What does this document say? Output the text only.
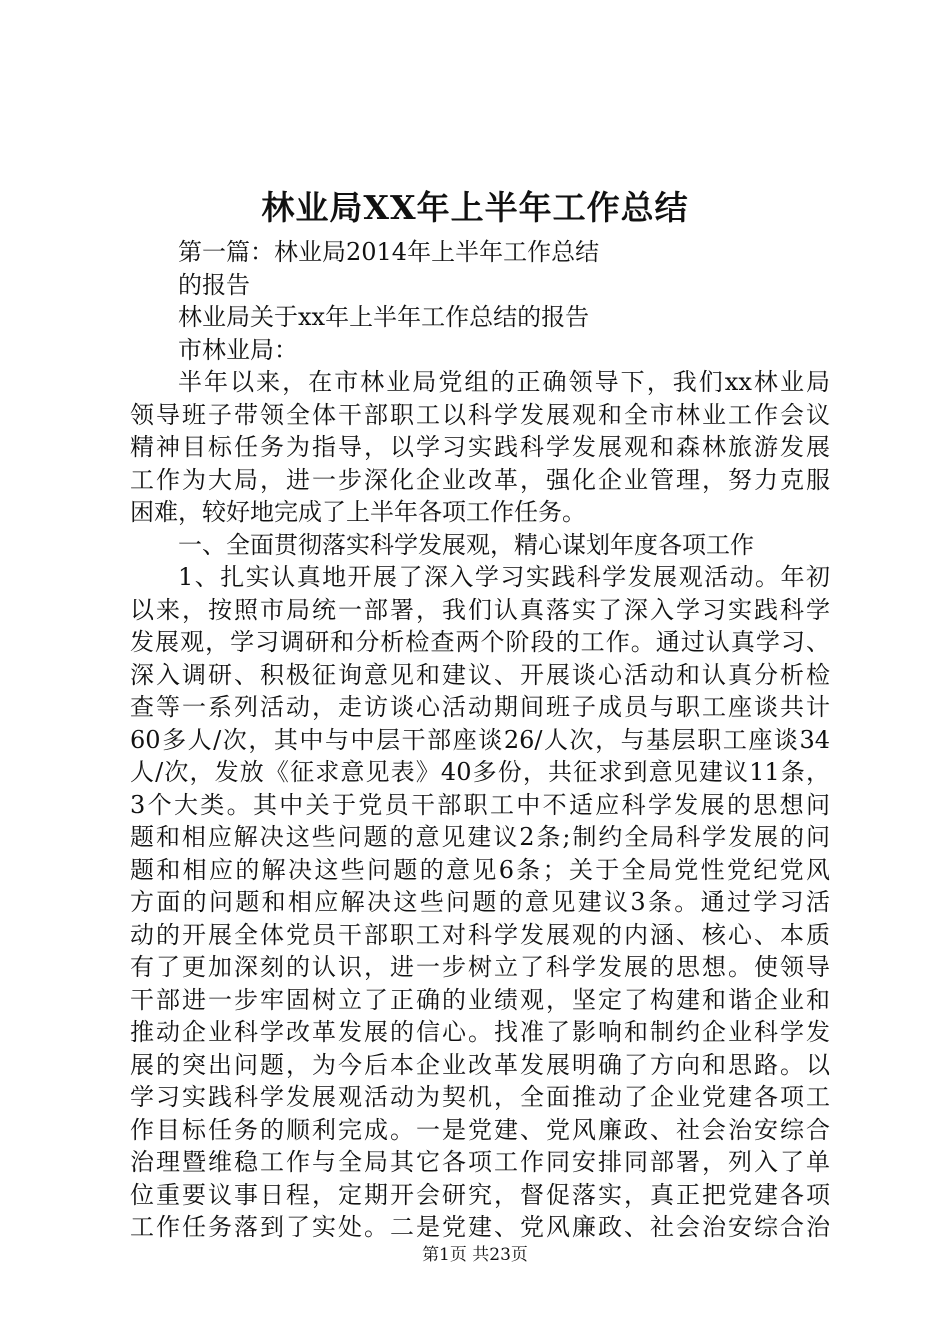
林业局XX年上半年工作总结

第一篇：林业局2014年上半年工作总结

的报告

林业局关于xx年上半年工作总结的报告

市林业局：

半年以来，在市林业局党组的正确领导下，我们xx林业局

领导班子带领全体干部职工以科学发展观和全市林业工作会议

精神目标任务为指导，以学习实践科学发展观和森林旅游发展

工作为大局，进一步深化企业改革，强化企业管理，努力克服

困难，较好地完成了上半年各项工作任务。

一、全面贯彻落实科学发展观，精心谋划年度各项工作

1、扎实认真地开展了深入学习实践科学发展观活动。年初

以来，按照市局统一部署，我们认真落实了深入学习实践科学

发展观，学习调研和分析检查两个阶段的工作。通过认真学习、

深入调研、积极征询意见和建议、开展谈心活动和认真分析检

查等一系列活动，走访谈心活动期间班子成员与职工座谈共计

60多人/次，其中与中层干部座谈26/人次，与基层职工座谈34

人/次，发放《征求意见表》40多份，共征求到意见建议11条，

3个大类。其中关于党员干部职工中不适应科学发展的思想问

题和相应解决这些问题的意见建议2条;制约全局科学发展的问

题和相应的解决这些问题的意见6条；关于全局党性党纪党风

方面的问题和相应解决这些问题的意见建议3条。通过学习活

动的开展全体党员干部职工对科学发展观的内涵、核心、本质

有了更加深刻的认识，进一步树立了科学发展的思想。使领导

干部进一步牢固树立了正确的业绩观，坚定了构建和谐企业和

推动企业科学改革发展的信心。找准了影响和制约企业科学发

展的突出问题，为今后本企业改革发展明确了方向和思路。以

学习实践科学发展观活动为契机，全面推动了企业党建各项工

作目标任务的顺利完成。一是党建、党风廉政、社会治安综合

治理暨维稳工作与全局其它各项工作同安排同部署，列入了单

位重要议事日程，定期开会研究，督促落实，真正把党建各项

工作任务落到了实处。二是党建、党风廉政、社会治安综合治

第1页 共23页
